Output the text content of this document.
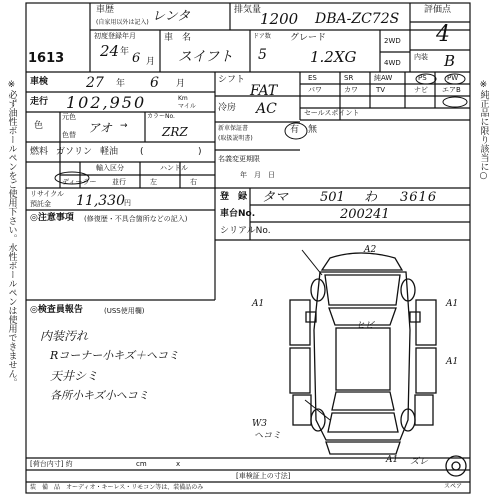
1613
※必ず油性ボールペンをご使用下さい。水性ボールペンは使用できません。	※純正品に限り該当に○
車歴
(自家用以外は記入) レンタ	排気量
1200 DBA-ZC72S
評価点
4
内装 B
初度登録年月
24 年 6 月
車　名
スイフト
ドア数
5
グレード
1.2XG
2WD
4WD
車検	27 年 6 月
走行 102,950	Km
マイル
色
元色
色替 アオ →
カラーNo.
ZRZ
燃料 ガソリン 軽油 (	)
輸入区分
ディーラー 並行
ハンドル
左	右
リサイクル
預託金 11,330 円
シフト
FAT
冷房 AC
新車保証書
(取扱説明書)
有 無
名義変更期限
年　月　日
ES	SR	純AW	PS	PW
パワ	カワ	TV	ナビ エアB
セールスポイント
登　録 タマ 501 わ 3616
車台No.	200241
シリアルNo.
◎注意事項 (修復歴・不具合箇所などの記入)
◎検査員報告	(USS使用欄)
内装汚れ
Rコーナー小キズ＋ヘコミ
天井シミ
各所小キズ小ヘコミ
A2
W3
ヘコミ
A1 ズレ
ヒビ
A1	A1
A1
スペア
[荷台内寸] 約	cm	x
[車検証上の寸法]
装　備　品　オーディオ・キーレス・リモコン等は、装備品のみ
